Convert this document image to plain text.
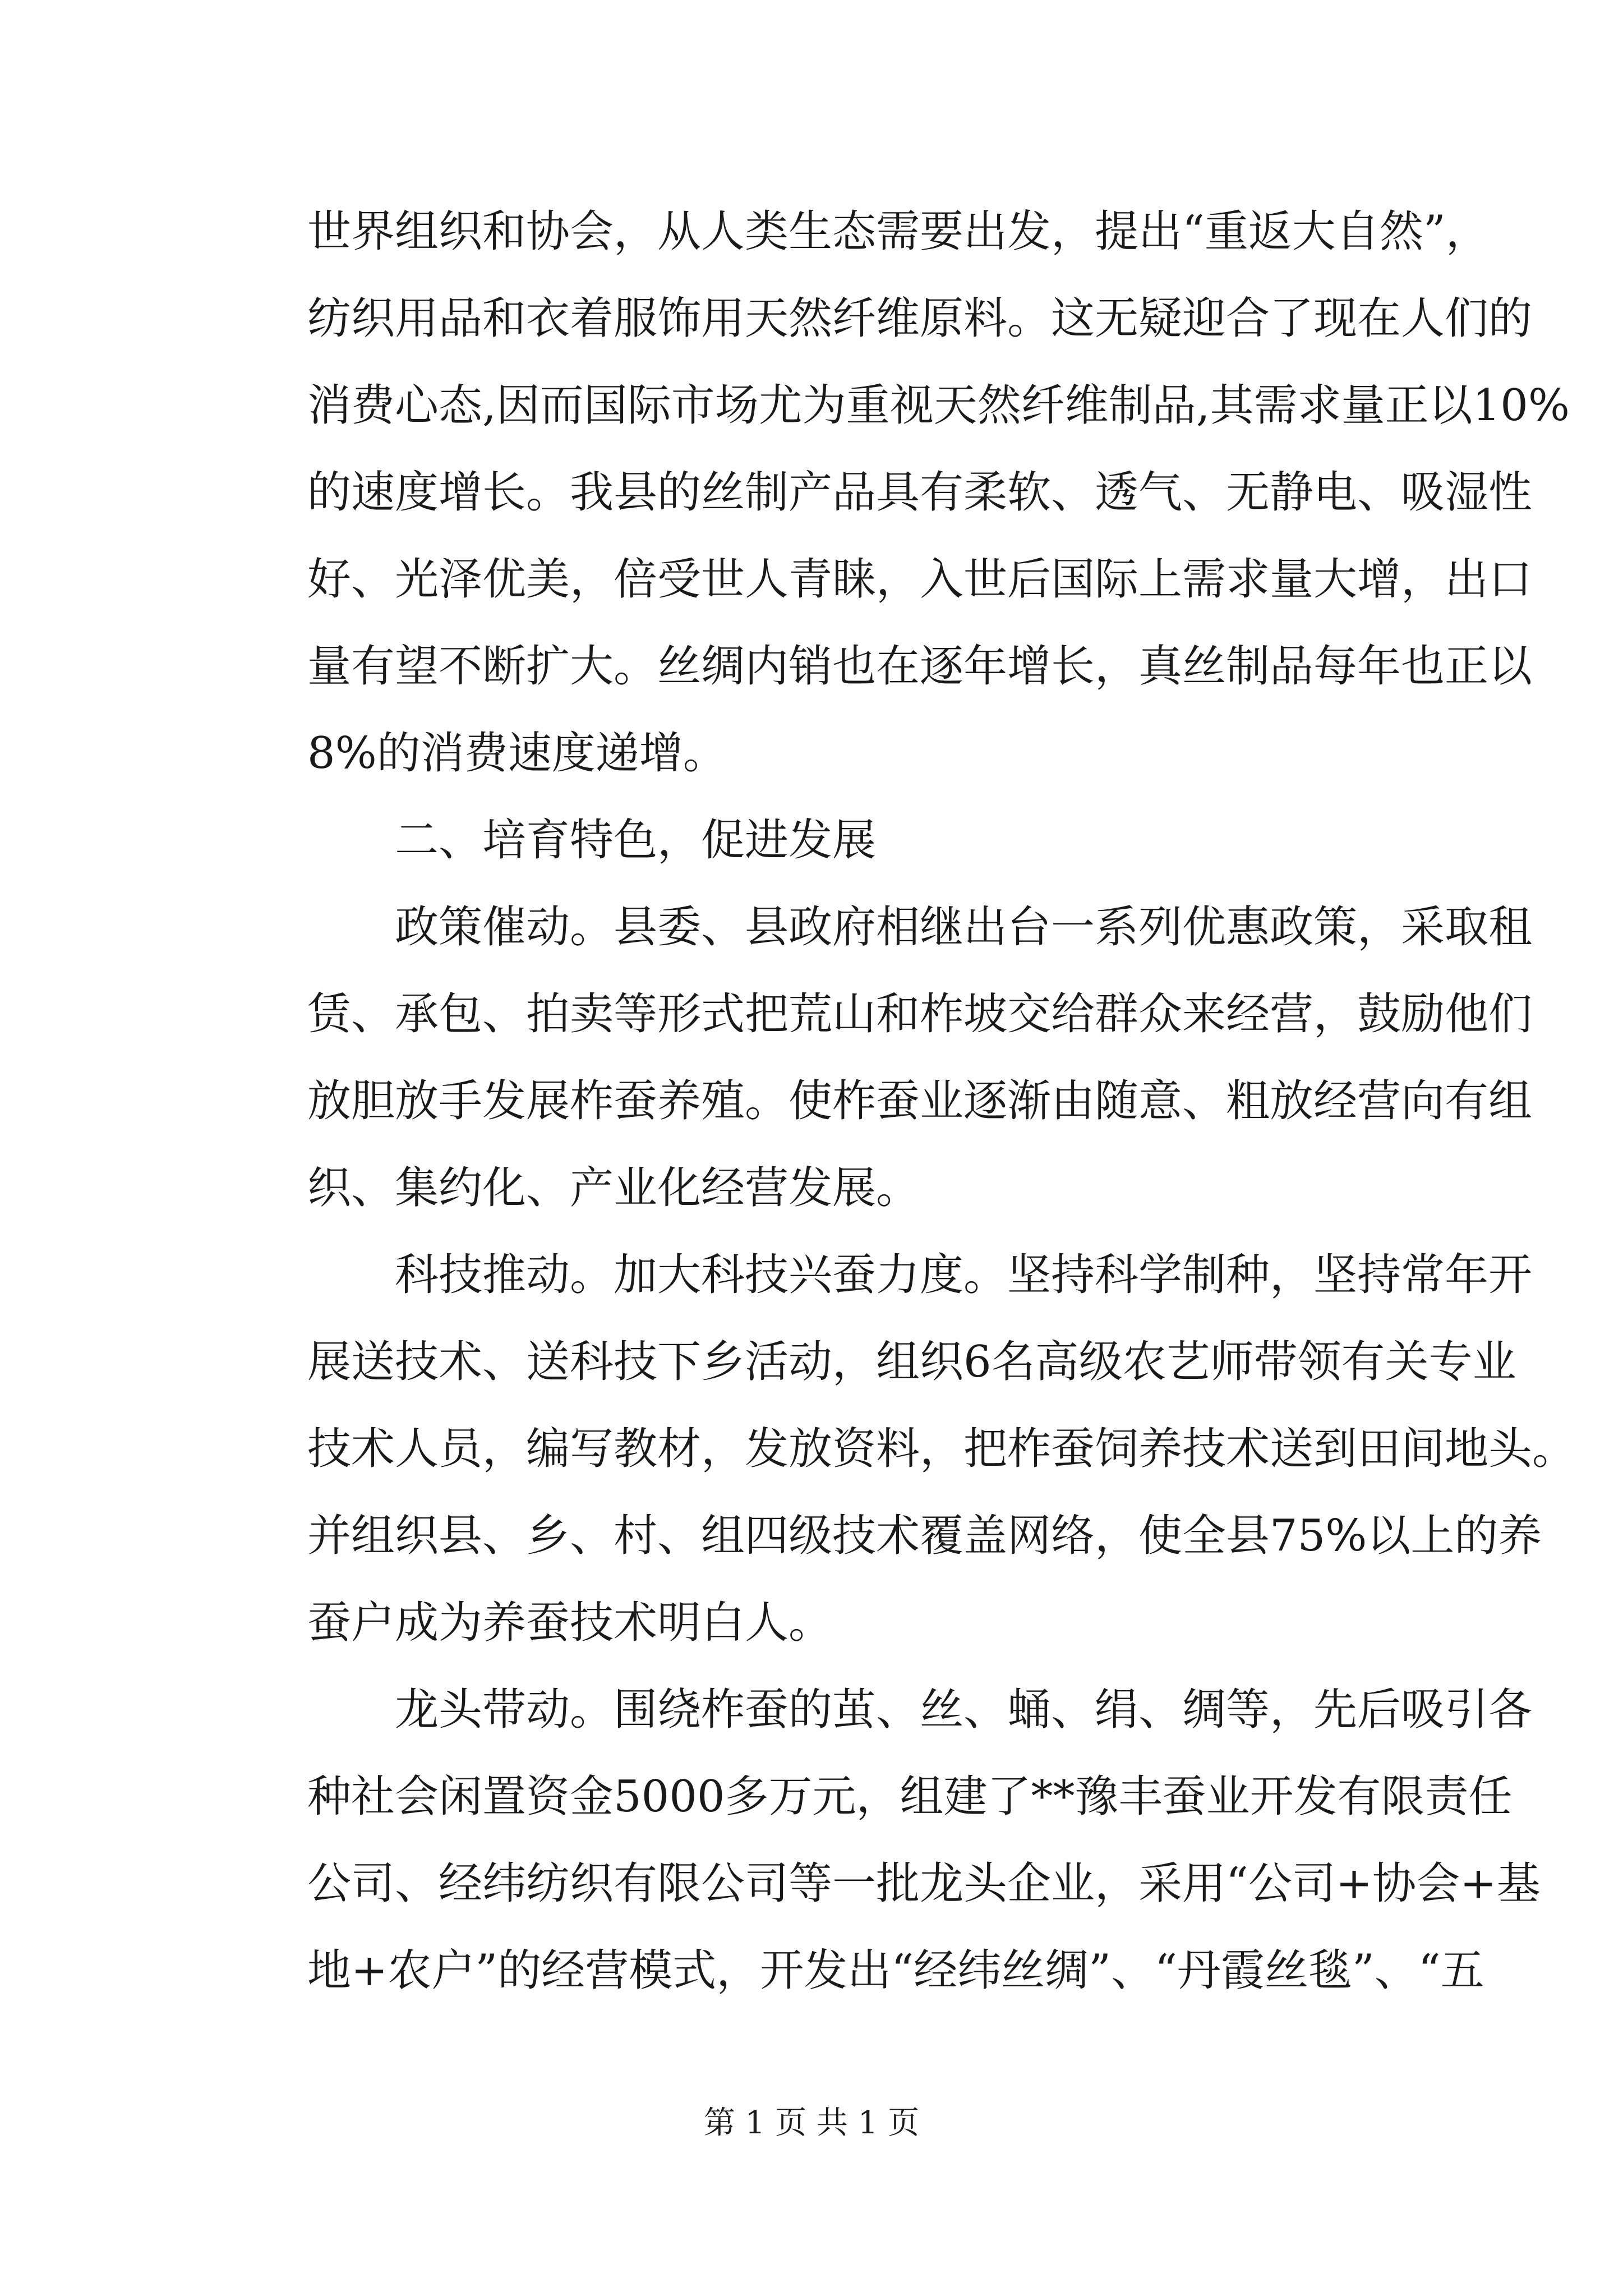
世界组织和协会，从人类生态需要出发，提出“重返大自然”，
纺织用品和衣着服饰用天然纤维原料。这无疑迎合了现在人们的
消费心态,因而国际市场尤为重视天然纤维制品,其需求量正以10%
的速度增长。我县的丝制产品具有柔软、透气、无静电、吸湿性
好、光泽优美，倍受世人青睐，入世后国际上需求量大增，出口
量有望不断扩大。丝绸内销也在逐年增长，真丝制品每年也正以
8%的消费速度递增。
二、培育特色，促进发展
政策催动。县委、县政府相继出台一系列优惠政策，采取租
赁、承包、拍卖等形式把荒山和柞坡交给群众来经营，鼓励他们
放胆放手发展柞蚕养殖。使柞蚕业逐渐由随意、粗放经营向有组
织、集约化、产业化经营发展。
科技推动。加大科技兴蚕力度。坚持科学制种，坚持常年开
展送技术、送科技下乡活动，组织6名高级农艺师带领有关专业
技术人员，编写教材，发放资料，把柞蚕饲养技术送到田间地头。
并组织县、乡、村、组四级技术覆盖网络，使全县75%以上的养
蚕户成为养蚕技术明白人。
龙头带动。围绕柞蚕的茧、丝、蛹、绢、绸等，先后吸引各
种社会闲置资金5000多万元，组建了**豫丰蚕业开发有限责任
公司、经纬纺织有限公司等一批龙头企业，采用“公司+协会+基
地+农户”的经营模式，开发出“经纬丝绸”、“丹霞丝毯”、“五
第 1 页 共 1 页
